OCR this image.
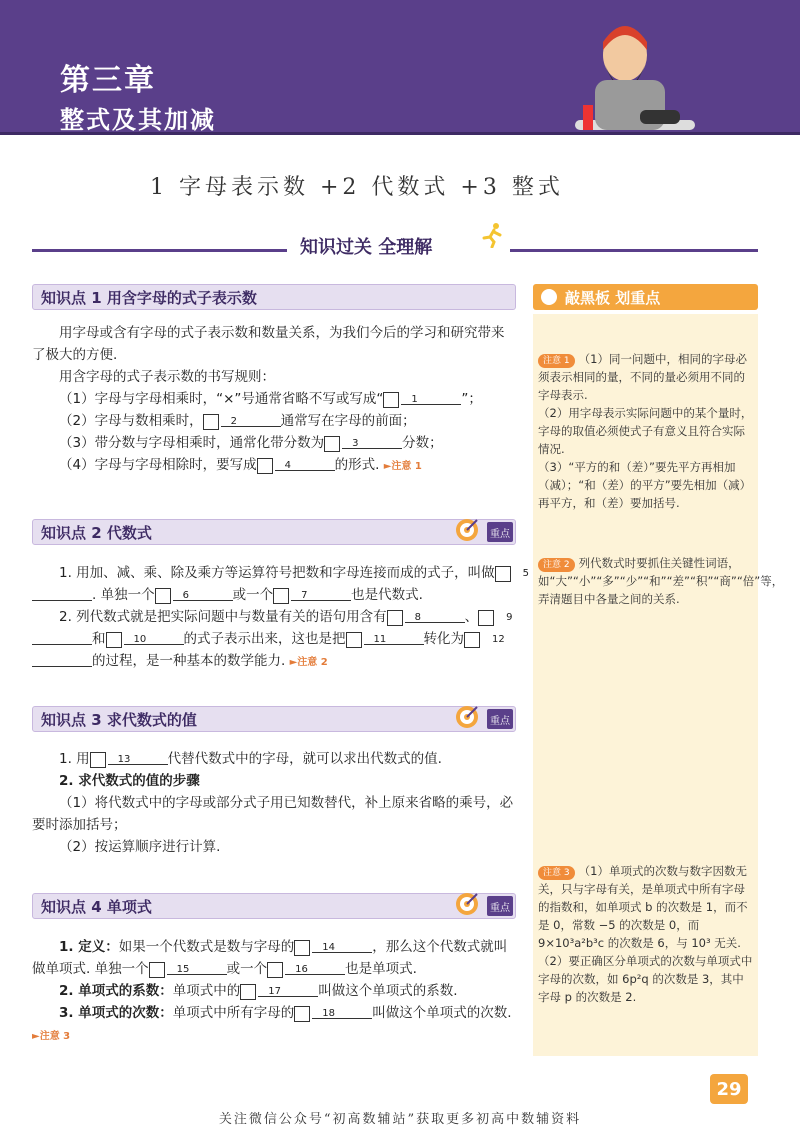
第三章
整式及其加减
1 字母表示数 +2 代数式 +3 整式
知识过关 全理解
知识点 1 用含字母的式子表示数

用字母或含有字母的式子表示数和数量关系，为我们今后的学习和研究带来了极大的方便.

用含字母的式子表示数的书写规则：

（1）字母与字母相乘时，“×”号通常省略不写或写成“	1	”；

（2）字母与数相乘时，	2	通常写在字母的前面；

（3）带分数与字母相乘时，通常化带分数为	3	分数；

（4）字母与字母相除时，要写成	4	的形式. ►注意 1

知识点 2 代数式	重点

1. 用加、减、乘、除及乘方等运算符号把数和字母连接而成的式子，叫做	5. 单独一个	6	或一个	7	也是代数式.

2. 列代数式就是把实际问题中与数量有关的语句用含有	8	、	9和	10	的式子表示出来，这也是把	11	转化为	12的过程，是一种基本的数学能力. ►注意 2

知识点 3 求代数式的值	重点

1. 用	13	代替代数式中的字母，就可以求出代数式的值.

2. 求代数式的值的步骤

（1）将代数式中的字母或部分式子用已知数替代，补上原来省略的乘号，必要时添加括号；

（2）按运算顺序进行计算.

知识点 4 单项式	重点

1. 定义：如果一个代数式是数与字母的	14	，那么这个代数式就叫做单项式. 单独一个	15	或一个	16	也是单项式.

2. 单项式的系数：单项式中的	17	叫做这个单项式的系数.

3. 单项式的次数：单项式中所有字母的	18	叫做这个单项式的次数. ►注意 3

敲黑板 划重点

注意 1 （1）同一问题中，相同的字母必须表示相同的量，不同的量必须用不同的字母表示.

（2）用字母表示实际问题中的某个量时，字母的取值必须使式子有意义且符合实际情况.

（3）“平方的和（差）”要先平方再相加（减）；“和（差）的平方”要先相加（减）再平方，和（差）要加括号.

注意 2 列代数式时要抓住关键性词语，如“大”“小”“多”“少”“和”“差”“积”“商”“倍”等，弄清题目中各量之间的关系.

注意 3 （1）单项式的次数与数字因数无关，只与字母有关，是单项式中所有字母的指数和，如单项式 b 的次数是 1，而不是 0，常数 −5 的次数是 0，而 9×10³a²b³c 的次数是 6，与 10³ 无关.

（2）要正确区分单项式的次数与单项式中字母的次数，如 6p²q 的次数是 3，其中字母 p 的次数是 2.

29
关注微信公众号“初高数辅站”获取更多初高中数辅资料
